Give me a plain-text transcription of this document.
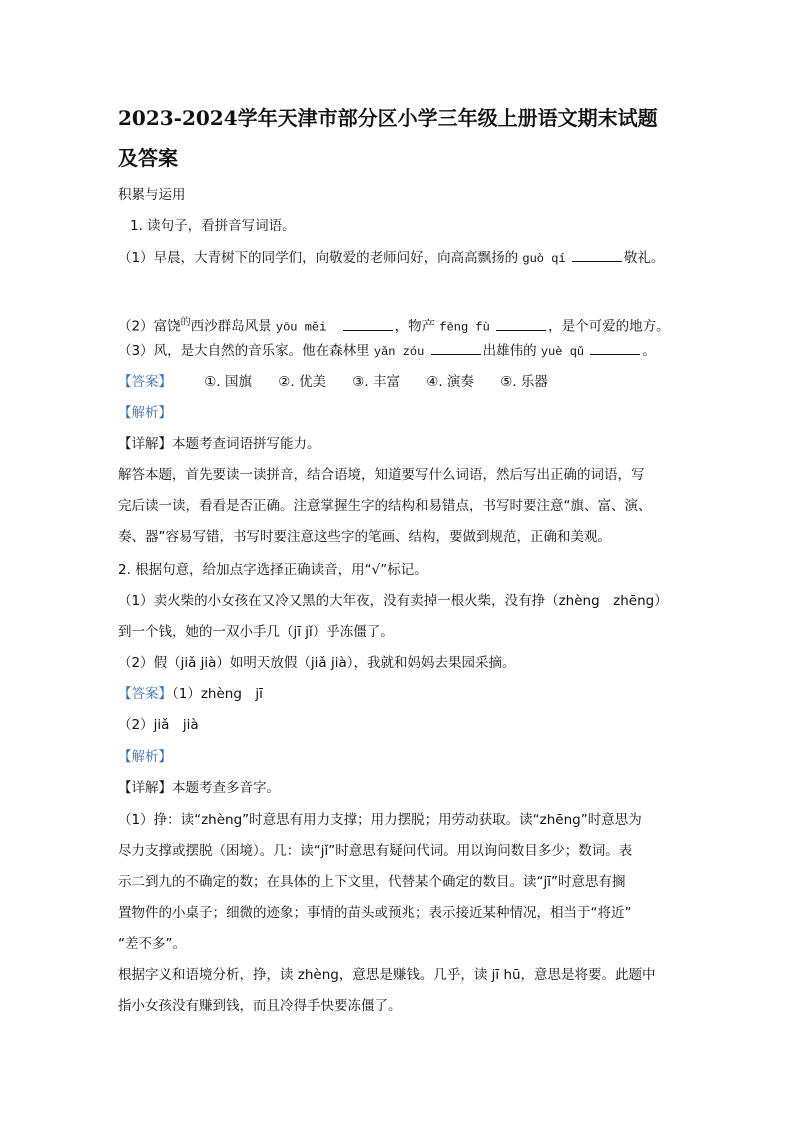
2023-2024学年天津市部分区小学三年级上册语文期末试题
及答案
积累与运用
1. 读句子，看拼音写词语。
（1）早晨，大青树下的同学们，向敬爱的老师问好，向高高飘扬的 guò qí	敬礼。
（2）富饶$^的$西沙群岛风景 yōu měi	，物产 fēng fù	，是个可爱的地方。
（3）风，是大自然的音乐家。他在森林里 yǎn zóu	出雄伟的 yuè qǔ	。
【答案】 ①. 国旗 ②. 优美 ③. 丰富 ④. 演奏 ⑤. 乐器
【解析】
【详解】本题考查词语拼写能力。
解答本题，首先要读一读拼音，结合语境，知道要写什么词语，然后写出正确的词语，写
完后读一读，看看是否正确。注意掌握生字的结构和易错点，书写时要注意“旗、富、演、
奏、器”容易写错，书写时要注意这些字的笔画、结构，要做到规范，正确和美观。
2. 根据句意，给加点字选择正确读音，用“√”标记。
（1）卖火柴的小女孩在又冷又黑的大年夜，没有卖掉一根火柴，没有挣（zhèng　zhēng）
到一个钱，她的一双小手几（jī jǐ）乎冻僵了。
（2）假（jiǎ jià）如明天放假（jiǎ jià），我就和妈妈去果园采摘。
【答案】（1）zhèng　jī
（2）jiǎ　jià
【解析】
【详解】本题考查多音字。
（1）挣：读“zhèng”时意思有用力支撑；用力摆脱；用劳动获取。读“zhēng”时意思为
尽力支撑或摆脱（困境）。几：读“jǐ”时意思有疑问代词。用以询问数目多少；数词。表
示二到九的不确定的数；在具体的上下文里，代替某个确定的数目。读“jī”时意思有搁
置物件的小桌子；细微的迹象；事情的苗头或预兆；表示接近某种情况，相当于“将近”
“差不多”。
根据字义和语境分析，挣，读 zhèng，意思是赚钱。几乎，读 jī hū，意思是将要。此题中
指小女孩没有赚到钱，而且冷得手快要冻僵了。
